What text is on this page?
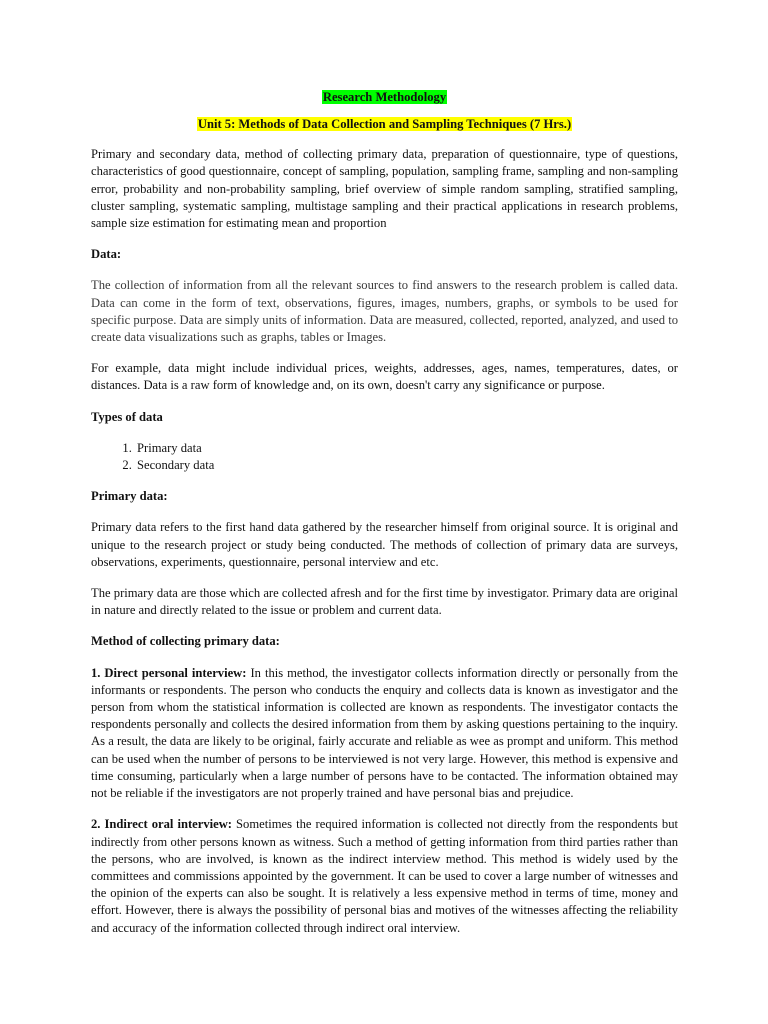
Research Methodology
Unit 5: Methods of Data Collection and Sampling Techniques (7 Hrs.)

Primary and secondary data, method of collecting primary data, preparation of questionnaire, type of questions, characteristics of good questionnaire, concept of sampling, population, sampling frame, sampling and non-sampling error, probability and non-probability sampling, brief overview of simple random sampling, stratified sampling, cluster sampling, systematic sampling, multistage sampling and their practical applications in research problems, sample size estimation for estimating mean and proportion

Data:

The collection of information from all the relevant sources to find answers to the research problem is called data. Data can come in the form of text, observations, figures, images, numbers, graphs, or symbols to be used for specific purpose. Data are simply units of information. Data are measured, collected, reported, analyzed, and used to create data visualizations such as graphs, tables or Images.

For example, data might include individual prices, weights, addresses, ages, names, temperatures, dates, or distances. Data is a raw form of knowledge and, on its own, doesn't carry any significance or purpose.

Types of data
1. Primary data
2. Secondary data
Primary data:

Primary data refers to the first hand data gathered by the researcher himself from original source. It is original and unique to the research project or study being conducted. The methods of collection of primary data are surveys, observations, experiments, questionnaire, personal interview and etc.

The primary data are those which are collected afresh and for the first time by investigator. Primary data are original in nature and directly related to the issue or problem and current data.

Method of collecting primary data:

1. Direct personal interview: In this method, the investigator collects information directly or personally from the informants or respondents. The person who conducts the enquiry and collects data is known as investigator and the person from whom the statistical information is collected are known as respondents. The investigator contacts the respondents personally and collects the desired information from them by asking questions pertaining to the inquiry. As a result, the data are likely to be original, fairly accurate and reliable as wee as prompt and uniform. This method can be used when the number of persons to be interviewed is not very large. However, this method is expensive and time consuming, particularly when a large number of persons have to be contacted. The information obtained may not be reliable if the investigators are not properly trained and have personal bias and prejudice.

2. Indirect oral interview: Sometimes the required information is collected not directly from the respondents but indirectly from other persons known as witness. Such a method of getting information from third parties rather than the persons, who are involved, is known as the indirect interview method. This method is widely used by the committees and commissions appointed by the government. It can be used to cover a large number of witnesses and the opinion of the experts can also be sought. It is relatively a less expensive method in terms of time, money and effort. However, there is always the possibility of personal bias and motives of the witnesses affecting the reliability and accuracy of the information collected through indirect oral interview.
